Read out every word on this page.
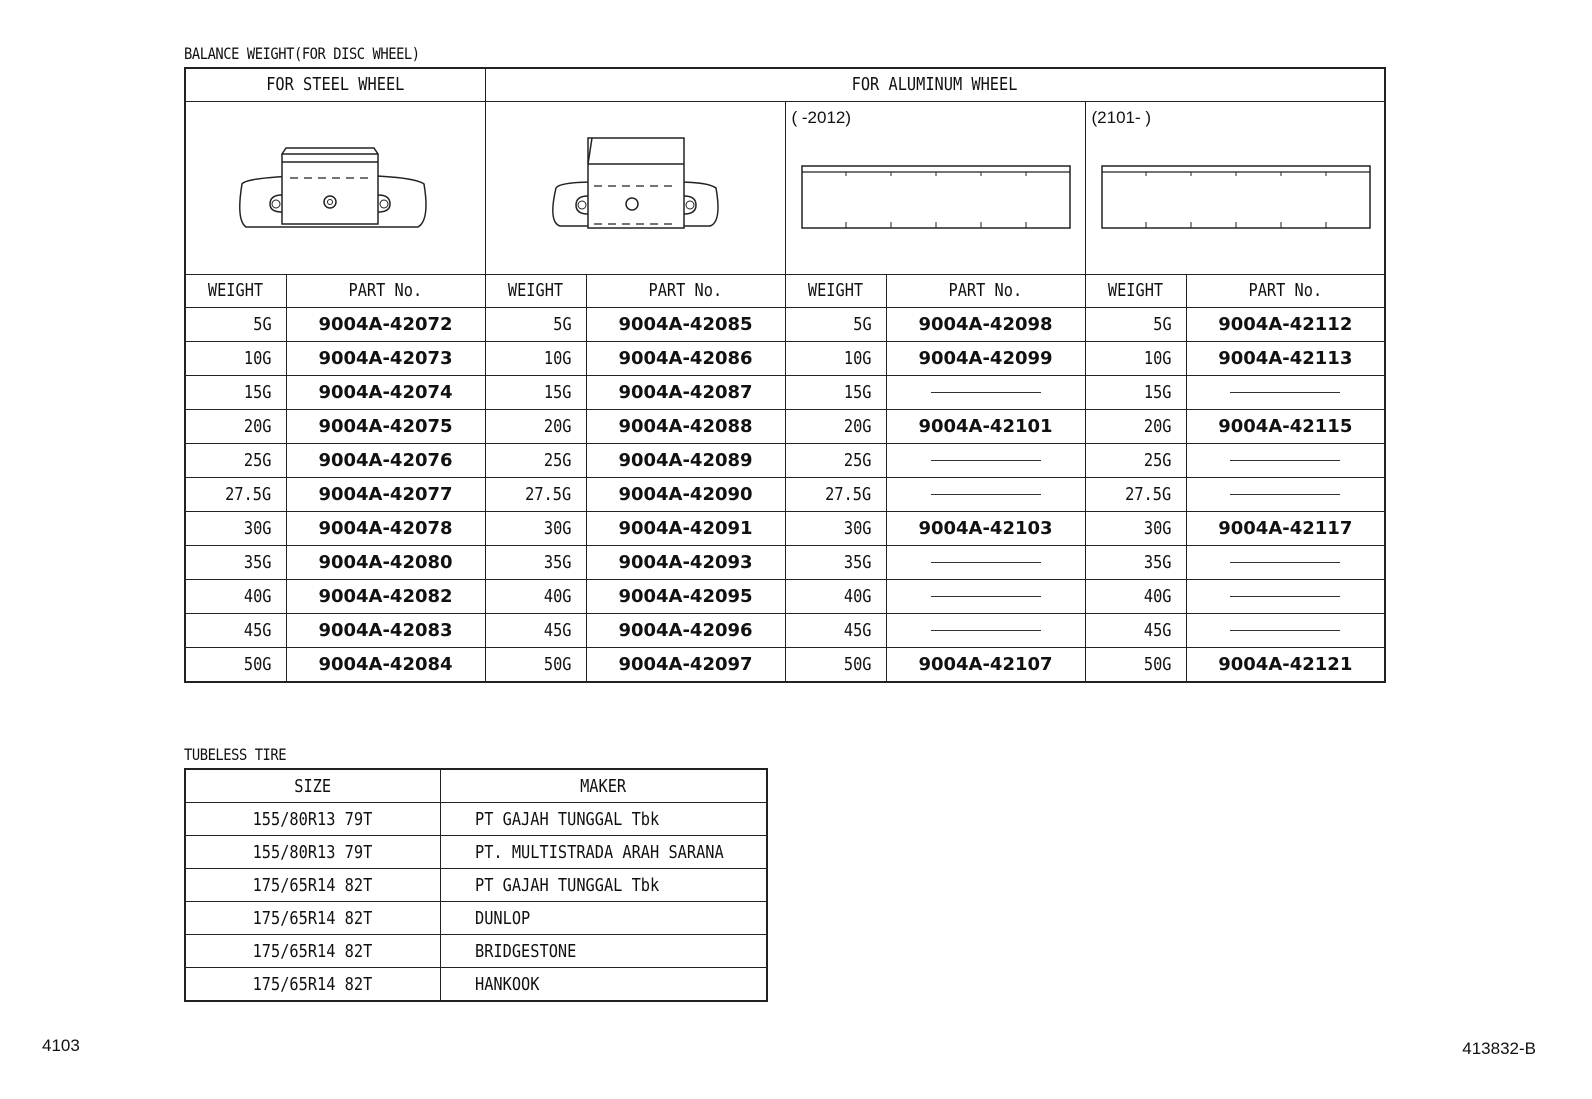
BALANCE WEIGHT(FOR DISC WHEEL)
FOR STEEL WHEEL		FOR ALUMINUM WHEEL					

( -2012)		(2101- )	

WEIGHT	PART No.	WEIGHT	PART No.	WEIGHT	PART No.	WEIGHT	PART No.
5G	9004A-42072	5G	9004A-42085	5G	9004A-42098	5G	9004A-42112
10G	9004A-42073	10G	9004A-42086	10G	9004A-42099	10G	9004A-42113
15G	9004A-42074	15G	9004A-42087	15G		15G	
20G	9004A-42075	20G	9004A-42088	20G	9004A-42101	20G	9004A-42115
25G	9004A-42076	25G	9004A-42089	25G		25G	
27.5G	9004A-42077	27.5G	9004A-42090	27.5G		27.5G	
30G	9004A-42078	30G	9004A-42091	30G	9004A-42103	30G	9004A-42117
35G	9004A-42080	35G	9004A-42093	35G		35G	
40G	9004A-42082	40G	9004A-42095	40G		40G	
45G	9004A-42083	45G	9004A-42096	45G		45G	
50G	9004A-42084	50G	9004A-42097	50G	9004A-42107	50G	9004A-42121
TUBELESS TIRE
SIZE	MAKER
155/80R13 79T	PT GAJAH TUNGGAL Tbk
155/80R13 79T	PT. MULTISTRADA ARAH SARANA
175/65R14 82T	PT GAJAH TUNGGAL Tbk
175/65R14 82T	DUNLOP
175/65R14 82T	BRIDGESTONE
175/65R14 82T	HANKOOK
4103	413832-B
